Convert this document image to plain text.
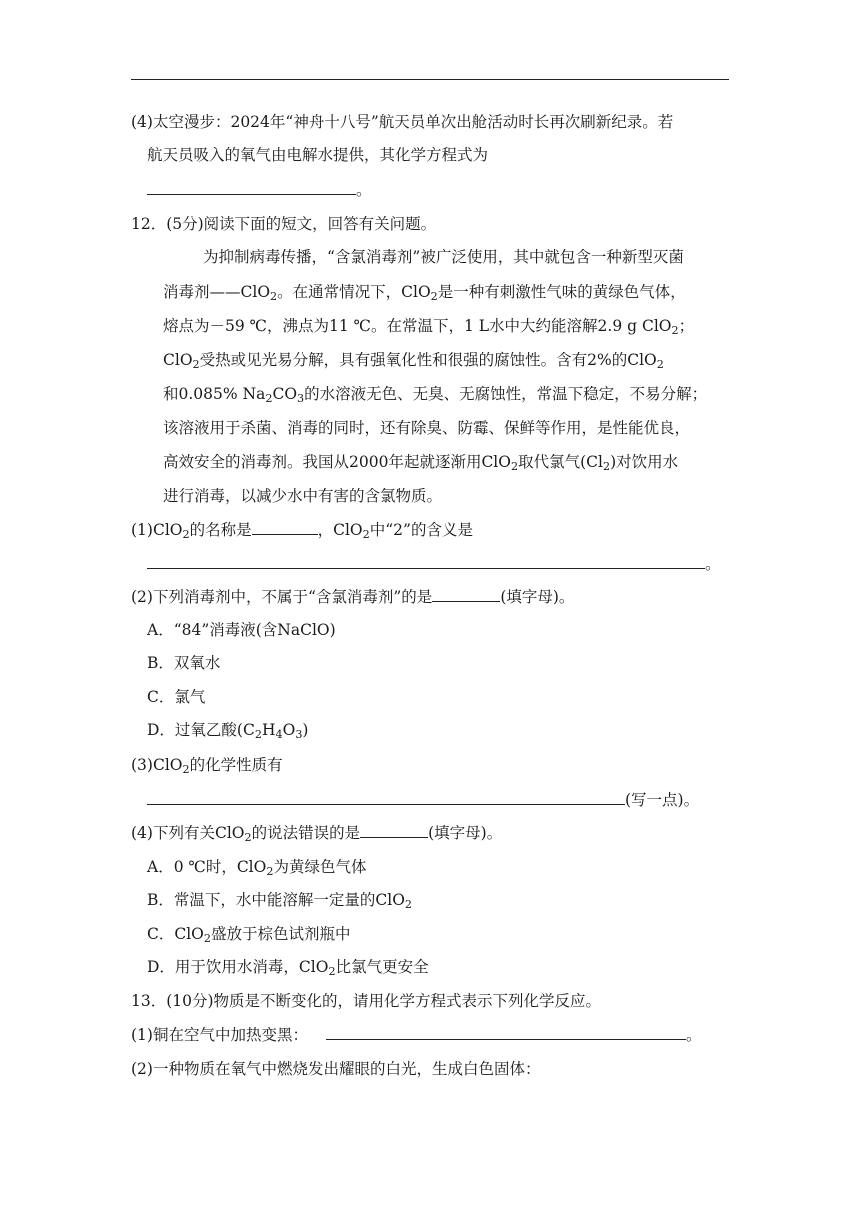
(4)太空漫步：2024年“神舟十八号”航天员单次出舱活动时长再次刷新纪录。若
航天员吸入的氧气由电解水提供，其化学方程式为
。
12．(5分)阅读下面的短文，回答有关问题。
为抑制病毒传播，“含氯消毒剂”被广泛使用，其中就包含一种新型灭菌
消毒剂——ClO$_2$。在通常情况下，ClO$_2$是一种有刺激性气味的黄绿色气体，
熔点为－59 ℃，沸点为11 ℃。在常温下，1 L水中大约能溶解2.9 g ClO$_2$；
ClO$_2$受热或见光易分解，具有强氧化性和很强的腐蚀性。含有2%的ClO$_2$
和0.085% $Na_2CO_3$的水溶液无色、无臭、无腐蚀性，常温下稳定，不易分解；
该溶液用于杀菌、消毒的同时，还有除臭、防霉、保鲜等作用，是性能优良，
高效安全的消毒剂。我国从2000年起就逐渐用ClO$_2$取代氯气$(Cl_2)$对饮用水
进行消毒，以减少水中有害的含氯物质。
(1)ClO$_2$的名称是	，ClO$_2$中“2”的含义是
。
(2)下列消毒剂中，不属于“含氯消毒剂”的是	(填字母)。
A．“84”消毒液(含NaClO)
B．双氧水
C．氯气
D．过氧乙酸$(C_2H_4O_3)$
(3)ClO$_2$的化学性质有
(写一点)。
(4)下列有关ClO$_2$的说法错误的是	(填字母)。
A．0 ℃时，ClO$_2$为黄绿色气体
B．常温下，水中能溶解一定量的ClO$_2$
C．ClO$_2$盛放于棕色试剂瓶中
D．用于饮用水消毒，ClO$_2$比氯气更安全
13．(10分)物质是不断变化的，请用化学方程式表示下列化学反应。
(1)铜在空气中加热变黑：	。
(2)一种物质在氧气中燃烧发出耀眼的白光，生成白色固体：
